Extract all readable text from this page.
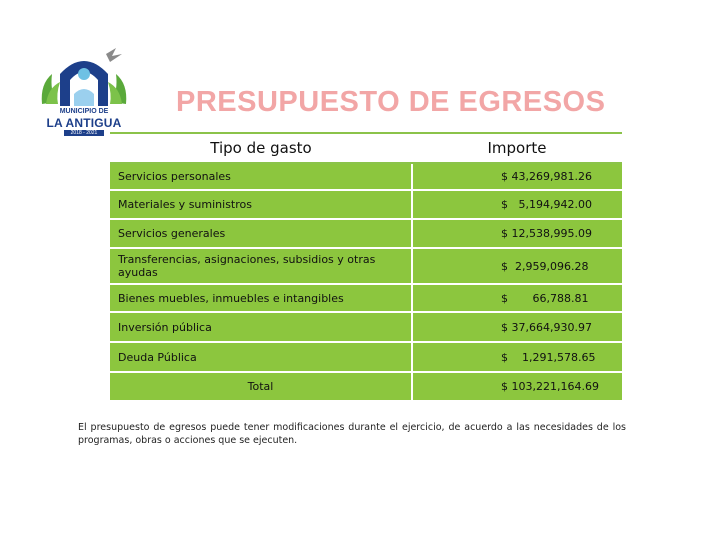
MUNICIPIO DE
LA ANTIGUA
2018 - 2021
PRESUPUESTO DE EGRESOS
Tipo de gasto	Importe
Servicios personales	$ 43,269,981.26
Materiales y suministros	$   5,194,942.00
Servicios generales	$ 12,538,995.09
Transferencias, asignaciones, subsidios y otras ayudas	$  2,959,096.28
Bienes muebles, inmuebles e intangibles	$       66,788.81
Inversión pública	$ 37,664,930.97
Deuda Pública	$    1,291,578.65
Total	$ 103,221,164.69

El presupuesto de egresos puede tener modificaciones durante el ejercicio, de acuerdo a las necesidades de los programas, obras o acciones que se ejecuten.
